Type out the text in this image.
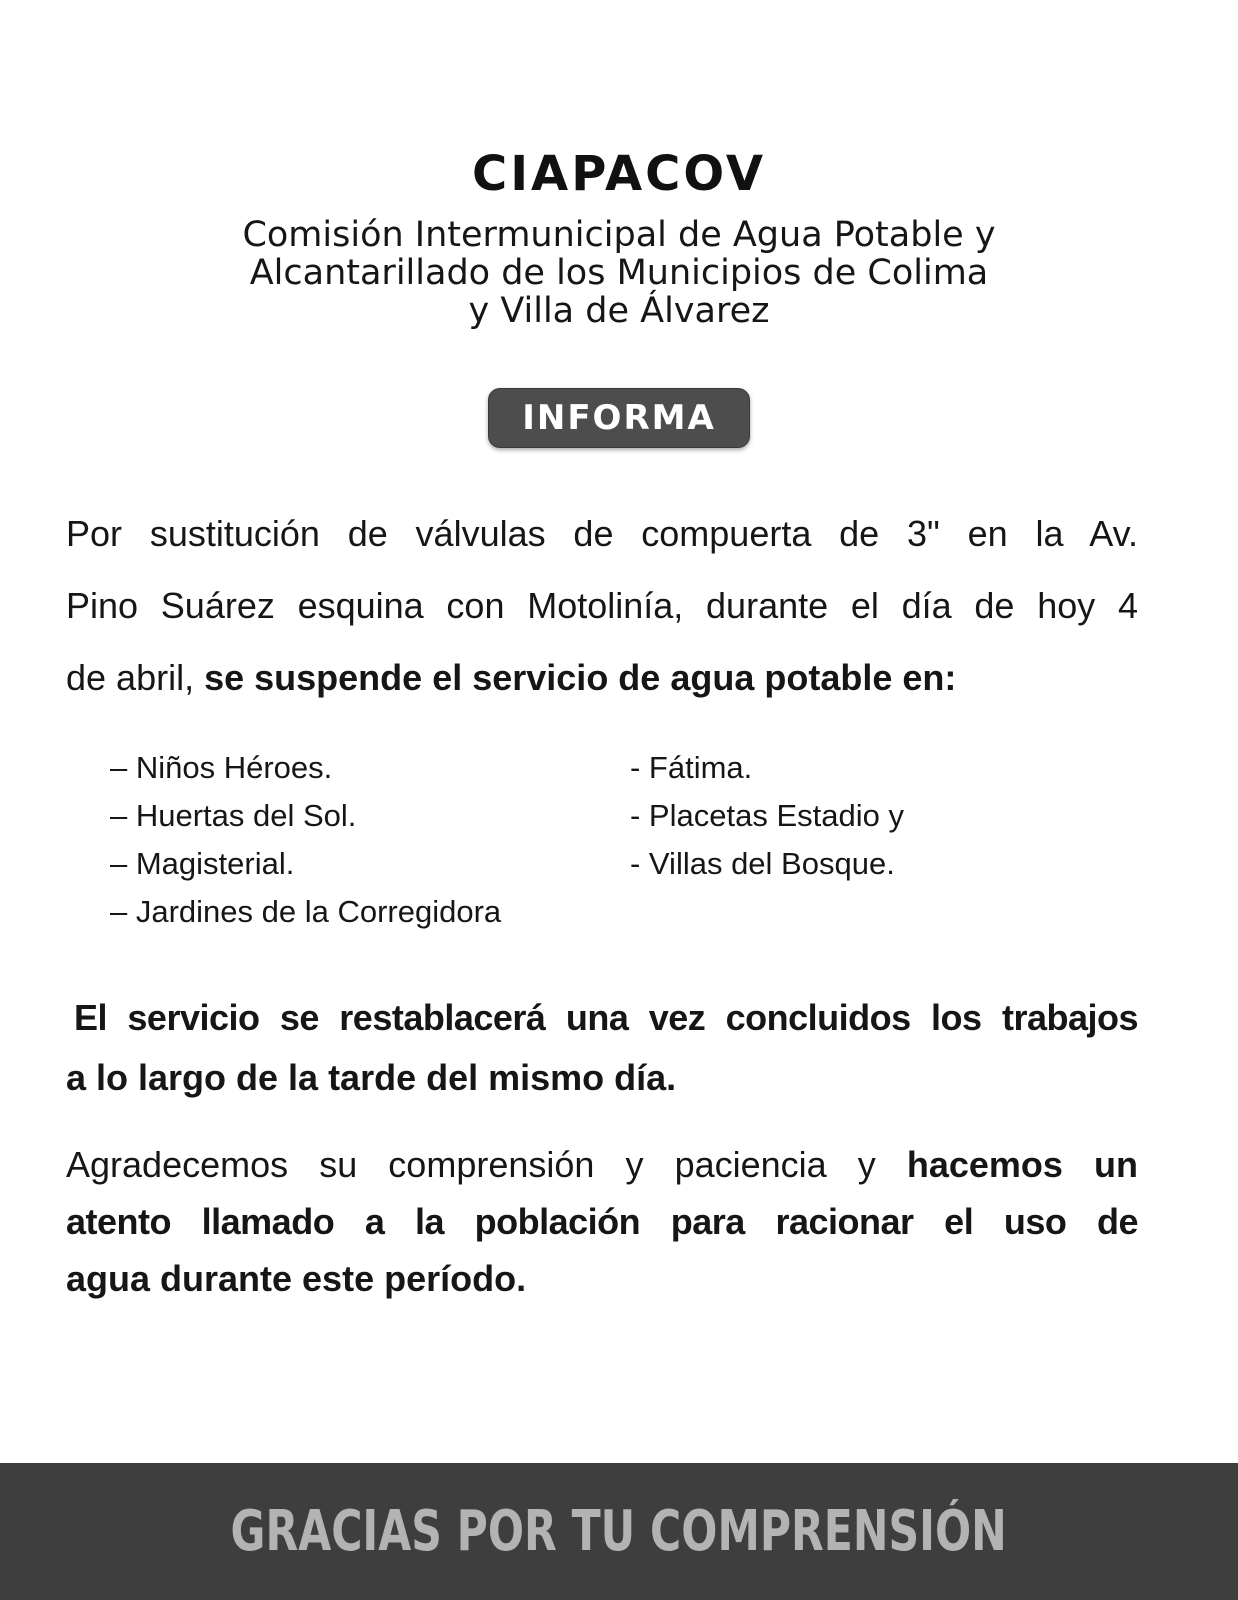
CIAPACOV
Comisión Intermunicipal de Agua Potable y
Alcantarillado de los Municipios de Colima
y Villa de Álvarez
INFORMA
Por sustitución de válvulas de compuerta de 3" en la Av.
Pino Suárez esquina con Motolinía, durante el día de hoy 4
de abril, se suspende el servicio de agua potable en:
– Niños Héroes.
– Huertas del Sol.
– Magisterial.
– Jardines de la Corregidora
- Fátima.
- Placetas Estadio y
- Villas del Bosque.
El servicio se restablacerá una vez concluidos los trabajos
a lo largo de la tarde del mismo día.
Agradecemos su comprensión y paciencia y hacemos un
atento llamado a la población para racionar el uso de
agua durante este período.
GRACIAS POR TU COMPRENSIÓN
